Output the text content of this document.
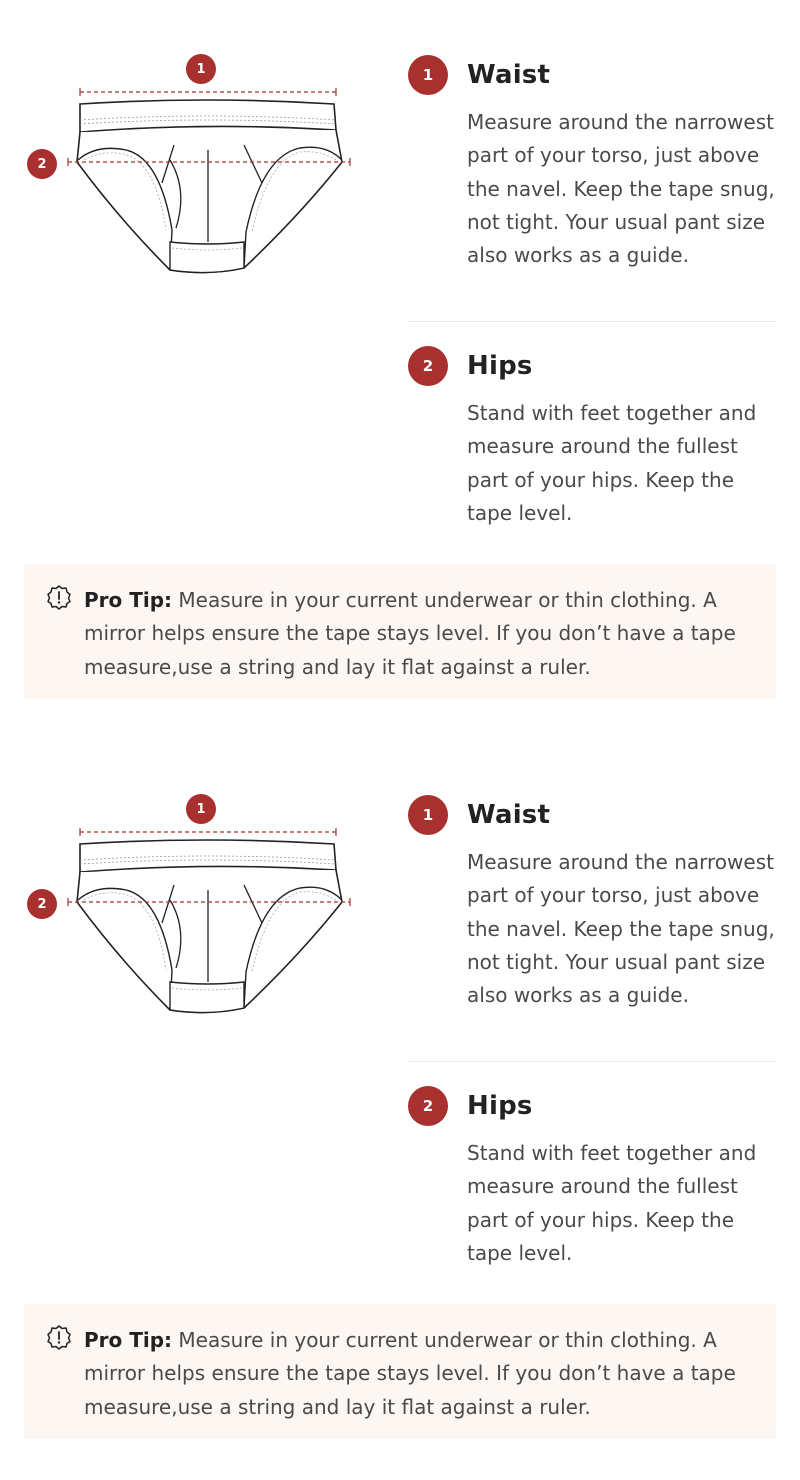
1
2
1	Waist
Measure around the narrowest part of your torso, just above the navel. Keep the tape snug, not tight. Your usual pant size also works as a guide.
2	Hips
Stand with feet together and measure around the fullest part of your hips. Keep the tape level.
Pro Tip: Measure in your current underwear or thin clothing. A mirror helps ensure the tape stays level. If you don’t have a tape measure,use a string and lay it flat against a ruler.
1
2
1	Waist
Measure around the narrowest part of your torso, just above the navel. Keep the tape snug, not tight. Your usual pant size also works as a guide.
2	Hips
Stand with feet together and measure around the fullest part of your hips. Keep the tape level.
Pro Tip: Measure in your current underwear or thin clothing. A mirror helps ensure the tape stays level. If you don’t have a tape measure,use a string and lay it flat against a ruler.
